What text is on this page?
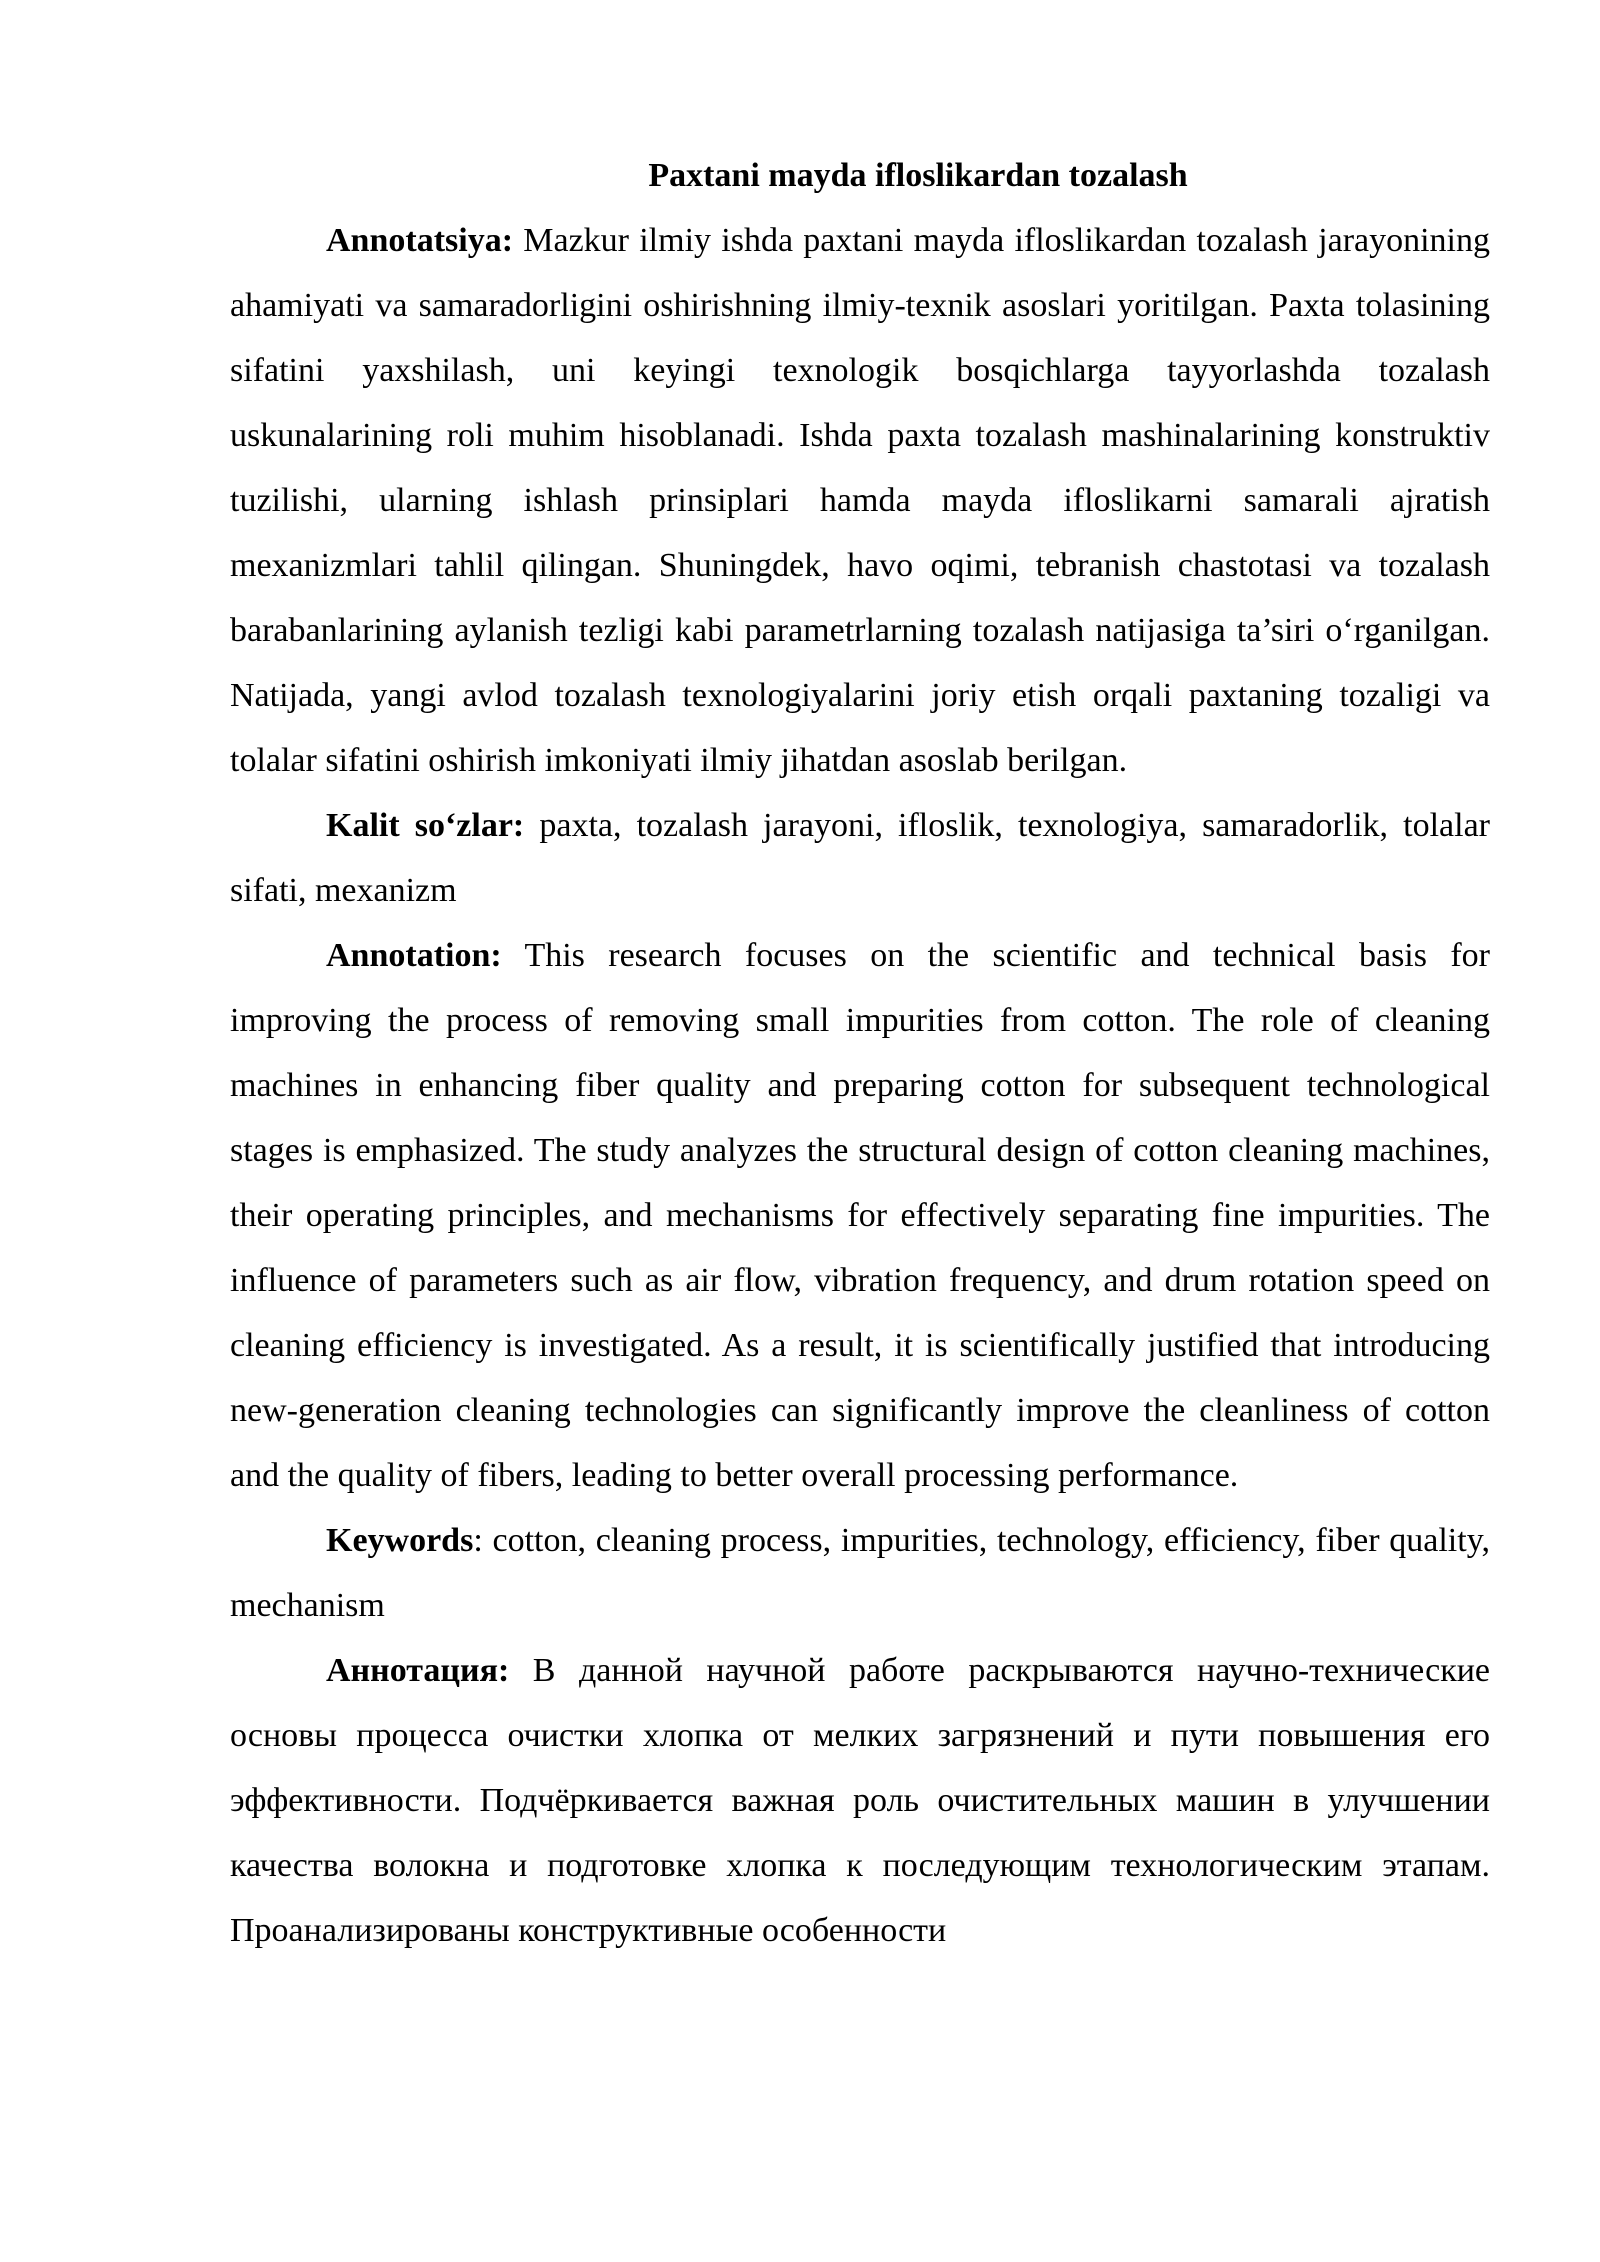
Paxtani mayda ifloslikardan tozalash

Annotatsiya: Mazkur ilmiy ishda paxtani mayda ifloslikardan tozalash jarayonining ahamiyati va samaradorligini oshirishning ilmiy-texnik asoslari yoritilgan. Paxta tolasining sifatini yaxshilash, uni keyingi texnologik bosqichlarga tayyorlashda tozalash uskunalarining roli muhim hisoblanadi. Ishda paxta tozalash mashinalarining konstruktiv tuzilishi, ularning ishlash prinsiplari hamda mayda ifloslikarni samarali ajratish mexanizmlari tahlil qilingan. Shuningdek, havo oqimi, tebranish chastotasi va tozalash barabanlarining aylanish tezligi kabi parametrlarning tozalash natijasiga ta’siri o‘rganilgan. Natijada, yangi avlod tozalash texnologiyalarini joriy etish orqali paxtaning tozaligi va tolalar sifatini oshirish imkoniyati ilmiy jihatdan asoslab berilgan.

Kalit so‘zlar: paxta, tozalash jarayoni, ifloslik, texnologiya, samaradorlik, tolalar sifati, mexanizm

Annotation: This research focuses on the scientific and technical basis for improving the process of removing small impurities from cotton. The role of cleaning machines in enhancing fiber quality and preparing cotton for subsequent technological stages is emphasized. The study analyzes the structural design of cotton cleaning machines, their operating principles, and mechanisms for effectively separating fine impurities. The influence of parameters such as air flow, vibration frequency, and drum rotation speed on cleaning efficiency is investigated. As a result, it is scientifically justified that introducing new-generation cleaning technologies can significantly improve the cleanliness of cotton and the quality of fibers, leading to better overall processing performance.

Keywords: cotton, cleaning process, impurities, technology, efficiency, fiber quality, mechanism

Аннотация: В данной научной работе раскрываются научно-технические основы процесса очистки хлопка от мелких загрязнений и пути повышения его эффективности. Подчёркивается важная роль очистительных машин в улучшении качества волокна и подготовке хлопка к последующим технологическим этапам. Проанализированы конструктивные особенности
